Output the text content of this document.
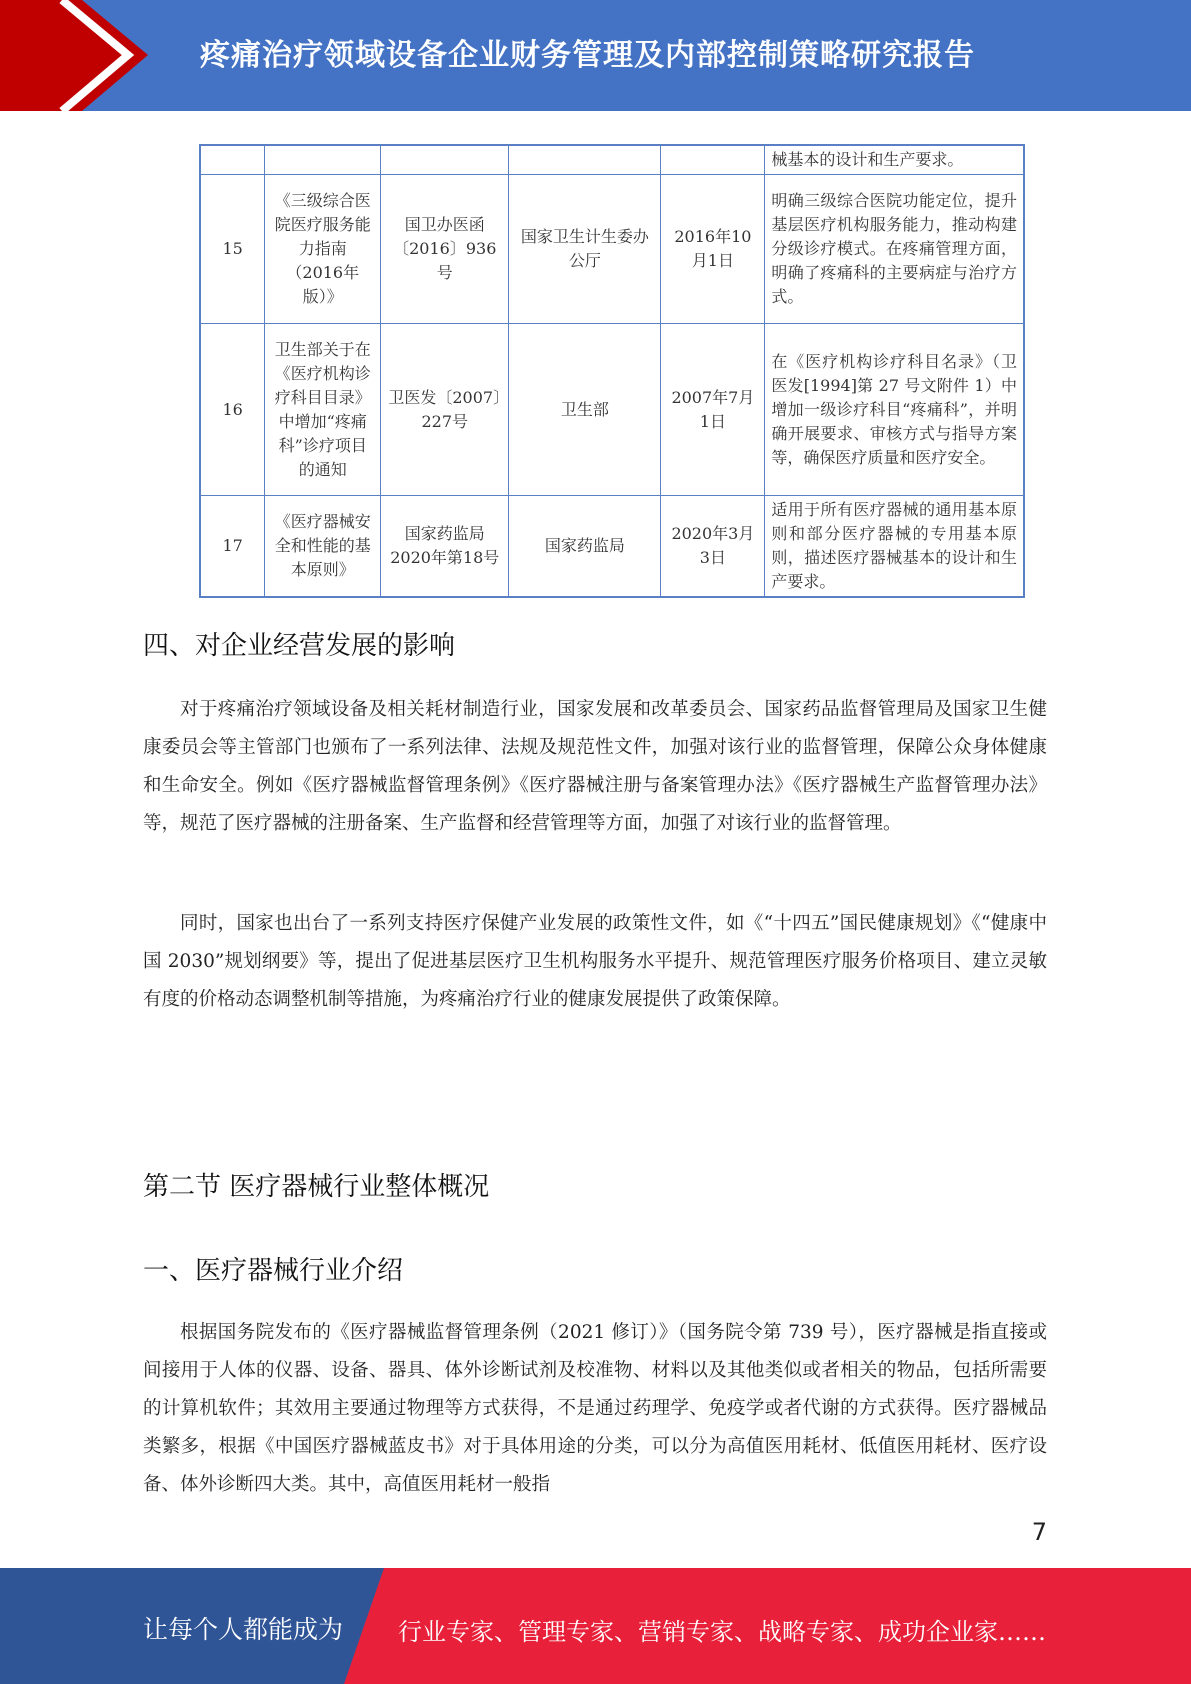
疼痛治疗领域设备企业财务管理及内部控制策略研究报告
					械基本的设计和生产要求。
15	《三级综合医院医疗服务能力指南（2016年版）》	国卫办医函〔2016〕936号	国家卫生计生委办公厅	2016年10月1日	明确三级综合医院功能定位，提升基层医疗机构服务能力，推动构建分级诊疗模式。在疼痛管理方面，明确了疼痛科的主要病症与治疗方式。
16	卫生部关于在《医疗机构诊疗科目目录》中增加“疼痛科”诊疗项目的通知	卫医发〔2007〕227号	卫生部	2007年7月1日	在《医疗机构诊疗科目名录》（卫医发[1994]第 27 号文附件 1）中增加一级诊疗科目“疼痛科”，并明确开展要求、审核方式与指导方案等，确保医疗质量和医疗安全。
17	《医疗器械安全和性能的基本原则》	国家药监局2020年第18号	国家药监局	2020年3月3日	适用于所有医疗器械的通用基本原则和部分医疗器械的专用基本原则，描述医疗器械基本的设计和生产要求。
四、对企业经营发展的影响

对于疼痛治疗领域设备及相关耗材制造行业，国家发展和改革委员会、国家药品监督管理局及国家卫生健康委员会等主管部门也颁布了一系列法律、法规及规范性文件，加强对该行业的监督管理，保障公众身体健康和生命安全。例如《医疗器械监督管理条例》《医疗器械注册与备案管理办法》《医疗器械生产监督管理办法》等，规范了医疗器械的注册备案、生产监督和经营管理等方面，加强了对该行业的监督管理。

同时，国家也出台了一系列支持医疗保健产业发展的政策性文件，如《“十四五”国民健康规划》《“健康中国 2030”规划纲要》等，提出了促进基层医疗卫生机构服务水平提升、规范管理医疗服务价格项目、建立灵敏有度的价格动态调整机制等措施，为疼痛治疗行业的健康发展提供了政策保障。

第二节 医疗器械行业整体概况
一、医疗器械行业介绍

根据国务院发布的《医疗器械监督管理条例（2021 修订）》（国务院令第 739 号），医疗器械是指直接或间接用于人体的仪器、设备、器具、体外诊断试剂及校准物、材料以及其他类似或者相关的物品，包括所需要的计算机软件；其效用主要通过物理等方式获得，不是通过药理学、免疫学或者代谢的方式获得。医疗器械品类繁多，根据《中国医疗器械蓝皮书》对于具体用途的分类，可以分为高值医用耗材、低值医用耗材、医疗设备、体外诊断四大类。其中，高值医用耗材一般指

7
让每个人都能成为 行业专家、管理专家、营销专家、战略专家、成功企业家……
